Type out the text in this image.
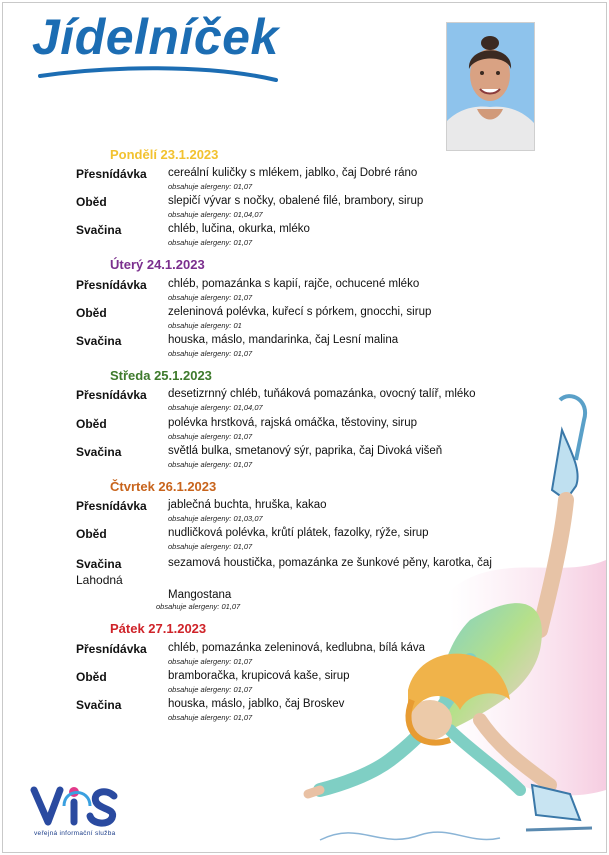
Jídelníček
Pondělí 23.1.2023
Přesnídávka cereální kuličky s mlékem, jablko, čaj Dobré ráno
obsahuje alergeny: 01,07
Oběd	slepičí vývar s nočky, obalené filé, brambory, sirup
obsahuje alergeny: 01,04,07
Svačina	chléb, lučina, okurka, mléko
obsahuje alergeny: 01,07
Úterý 24.1.2023
Přesnídávka chléb, pomazánka s kapií, rajče, ochucené mléko
obsahuje alergeny: 01,07
Oběd	zeleninová polévka, kuřecí s pórkem, gnocchi, sirup
obsahuje alergeny: 01
Svačina	houska, máslo, mandarinka, čaj Lesní malina
obsahuje alergeny: 01,07
Středa 25.1.2023
Přesnídávka desetizrnný chléb, tuňáková pomazánka, ovocný talíř, mléko
obsahuje alergeny: 01,04,07
Oběd	polévka hrstková, rajská omáčka, těstoviny, sirup
obsahuje alergeny: 01,07
Svačina	světlá bulka, smetanový sýr, paprika, čaj Divoká višeň
obsahuje alergeny: 01,07
Čtvrtek 26.1.2023
Přesnídávka jablečná buchta, hruška, kakao
obsahuje alergeny: 01,03,07
Oběd	nudličková polévka, krůtí plátek, fazolky, rýže, sirup
obsahuje alergeny: 01,07
Svačina	sezamová houstička, pomazánka ze šunkové pěny, karotka, čaj
Lahodná
Mangostana
obsahuje alergeny: 01,07
Pátek 27.1.2023
Přesnídávka chléb, pomazánka zeleninová, kedlubna, bílá káva
obsahuje alergeny: 01,07
Oběd	bramboračka, krupicová kaše, sirup
obsahuje alergeny: 01,07
Svačina	houska, máslo, jablko, čaj Broskev
obsahuje alergeny: 01,07
veřejná informační služba
